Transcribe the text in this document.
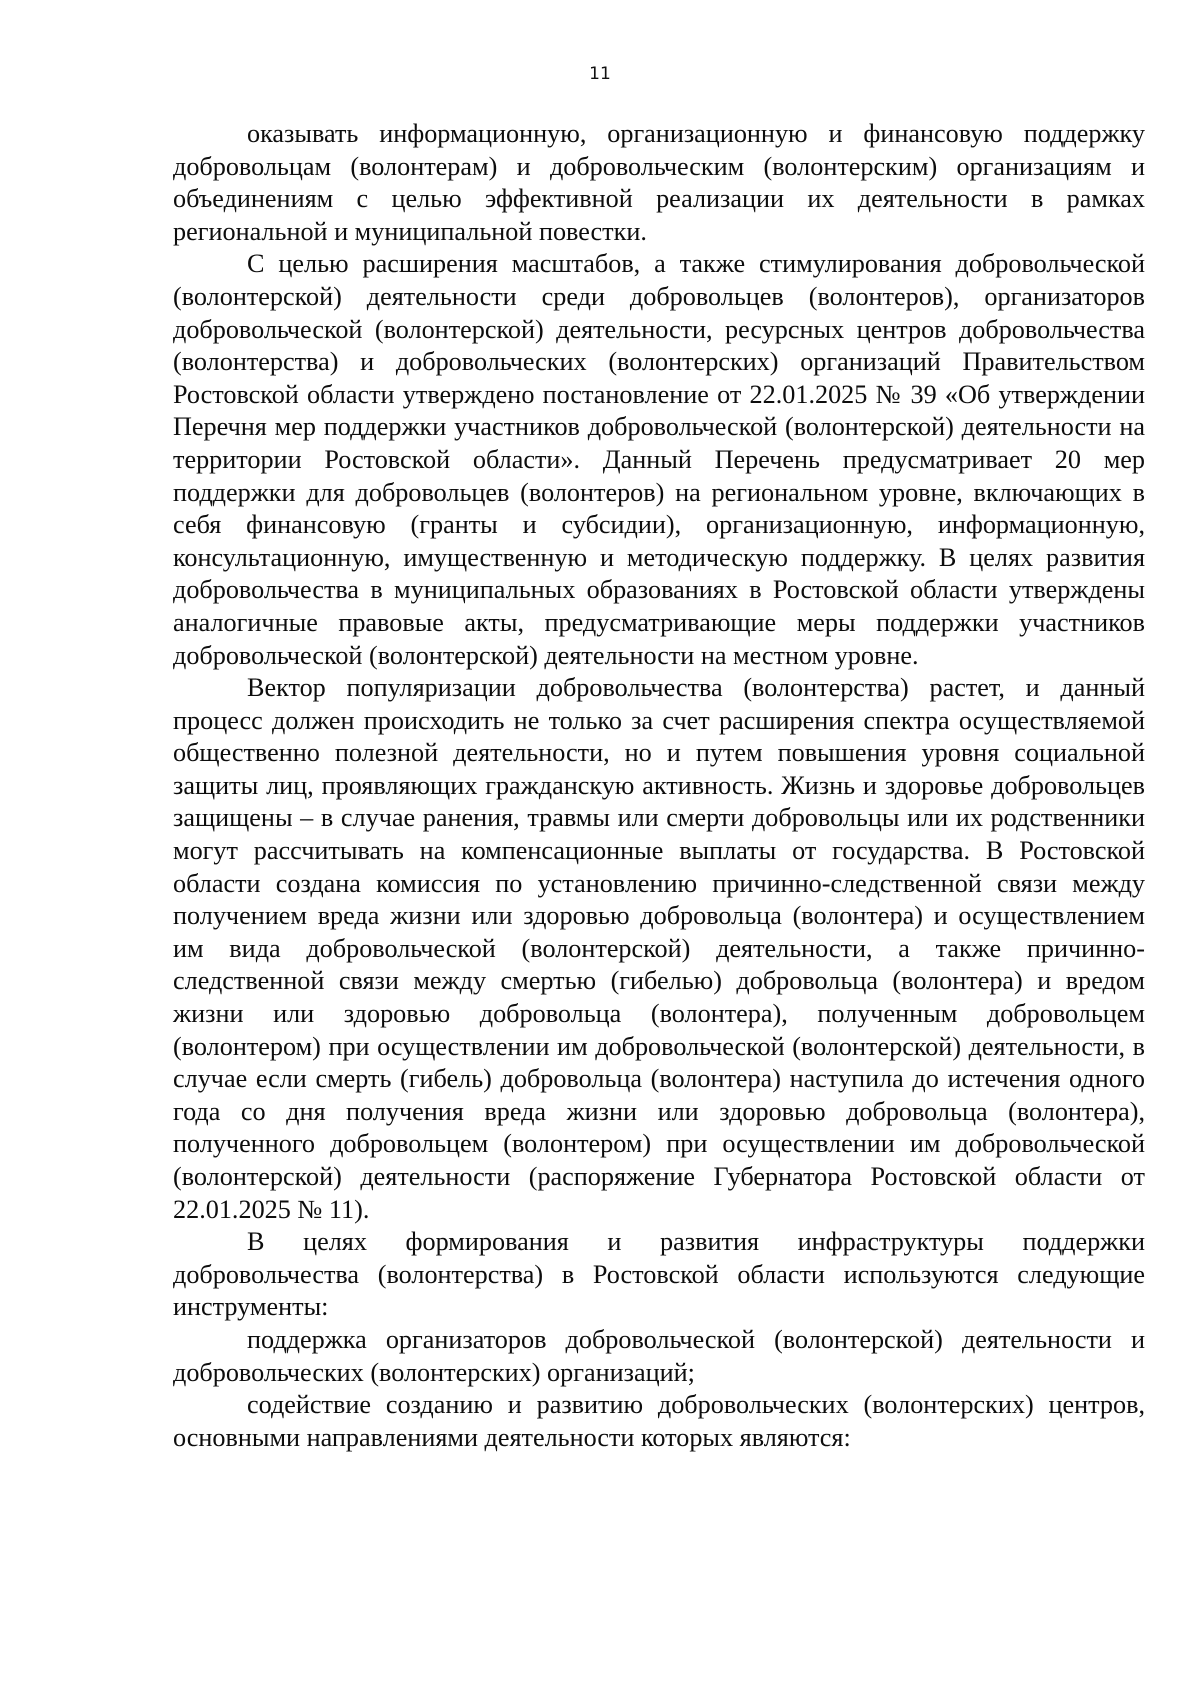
11

оказывать информационную, организационную и финансовую поддержку добровольцам (волонтерам) и добровольческим (волонтерским) организациям и объединениям с целью эффективной реализации их деятельности в рамках региональной и муниципальной повестки.

С целью расширения масштабов, а также стимулирования добровольческой (волонтерской) деятельности среди добровольцев (волонтеров), организаторов добровольческой (волонтерской) деятельности, ресурсных центров добровольчества (волонтерства) и добровольческих (волонтерских) организаций Правительством Ростовской области утверждено постановление от 22.01.2025 № 39 «Об утверждении Перечня мер поддержки участников добровольческой (волонтерской) деятельности на территории Ростовской области». Данный Перечень предусматривает 20 мер поддержки для добровольцев (волонтеров) на региональном уровне, включающих в себя финансовую (гранты и субсидии), организационную, информационную, консультационную, имущественную и методическую поддержку. В целях развития добровольчества в муниципальных образованиях в Ростовской области утверждены аналогичные правовые акты, предусматривающие меры поддержки участников добровольческой (волонтерской) деятельности на местном уровне.

Вектор популяризации добровольчества (волонтерства) растет, и данный процесс должен происходить не только за счет расширения спектра осуществляемой общественно полезной деятельности, но и путем повышения уровня социальной защиты лиц, проявляющих гражданскую активность. Жизнь и здоровье добровольцев защищены – в случае ранения, травмы или смерти добровольцы или их родственники могут рассчитывать на компенсационные выплаты от государства. В Ростовской области создана комиссия по установлению причинно-следственной связи между получением вреда жизни или здоровью добровольца (волонтера) и осуществлением им вида добровольческой (волонтерской) деятельности, а также причинно-следственной связи между смертью (гибелью) добровольца (волонтера) и вредом жизни или здоровью добровольца (волонтера), полученным добровольцем (волонтером) при осуществлении им добровольческой (волонтерской) деятельности, в случае если смерть (гибель) добровольца (волонтера) наступила до истечения одного года со дня получения вреда жизни или здоровью добровольца (волонтера), полученного добровольцем (волонтером) при осуществлении им добровольческой (волонтерской) деятельности (распоряжение Губернатора Ростовской области от 22.01.2025 № 11).

В целях формирования и развития инфраструктуры поддержки добровольчества (волонтерства) в Ростовской области используются следующие инструменты:

поддержка организаторов добровольческой (волонтерской) деятельности и добровольческих (волонтерских) организаций;

содействие созданию и развитию добровольческих (волонтерских) центров, основными направлениями деятельности которых являются:
